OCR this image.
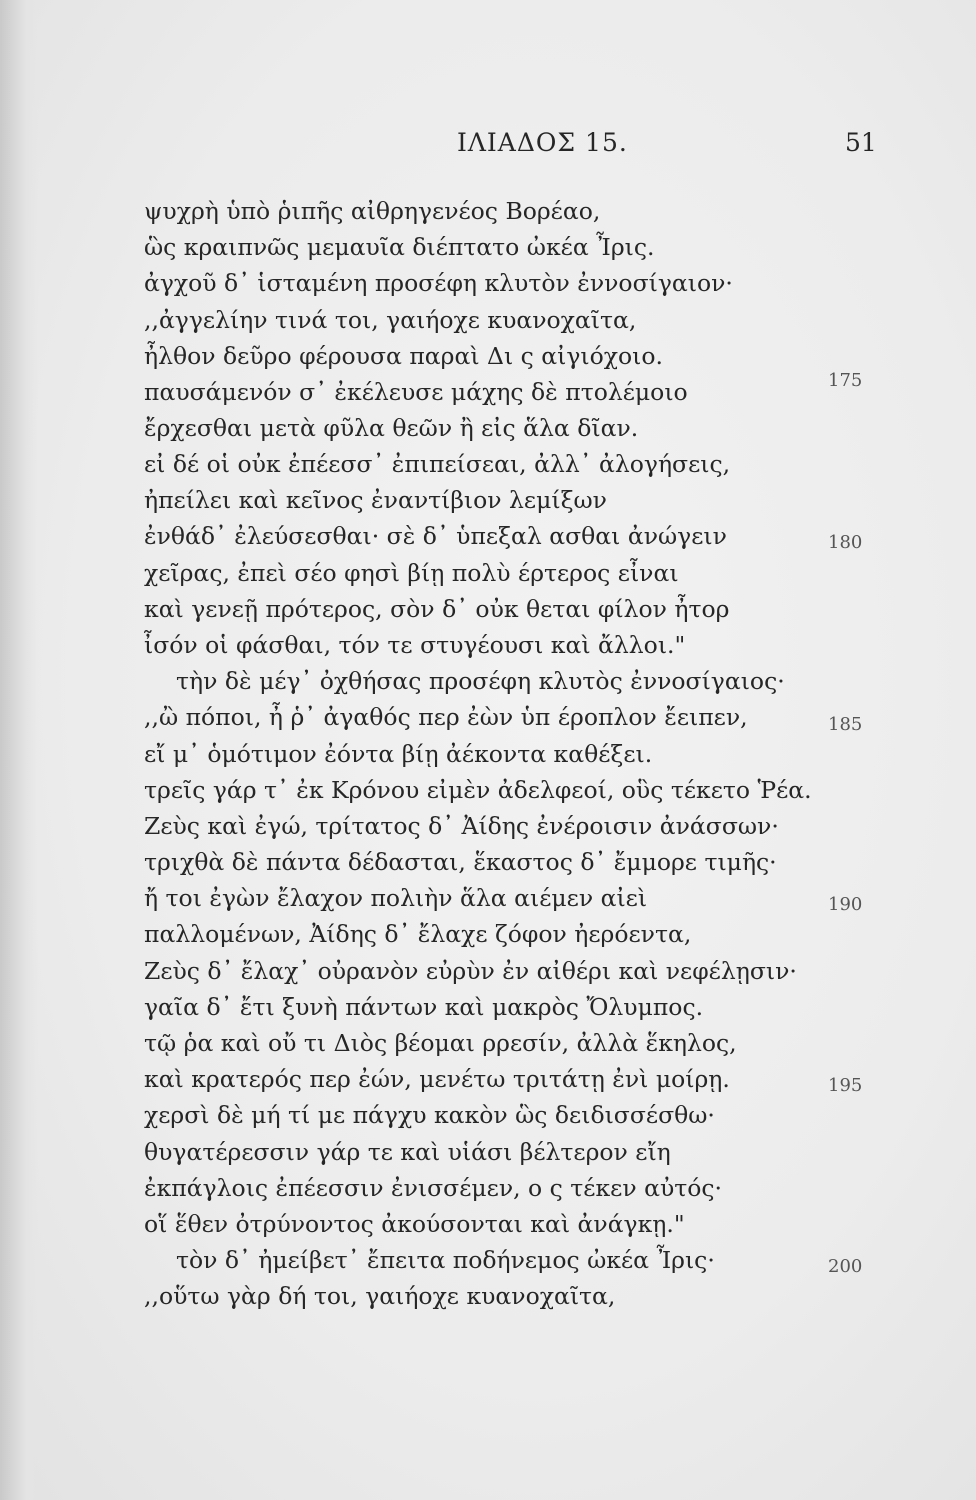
ΙΛΙΑΔΟΣ 15.	51
ψυχρὴ ὑπὸ ῥιπῆς αἰθρηγενέος Βορέαο,
ὣς κραιπνῶς μεμαυῖα διέπτατο ὠκέα Ἶρις.
ἀγχοῦ δ᾿ ἱσταμένη προσέφη κλυτὸν ἐννοσίγαιον·
,,ἀγγελίην τινά τοι, γαιήοχε κυανοχαῖτα,
ἦλθον δεῦρο φέρουσα παραὶ Δι ς αἰγιόχοιο.
παυσάμενόν σ᾿ ἐκέλευσε μάχης δὲ πτολέμοιο
ἔρχεσθαι μετὰ φῦλα θεῶν ἢ εἰς ἅλα δῖαν.
εἰ δέ οἱ οὐκ ἐπέεσσ᾿ ἐπιπείσεαι, ἀλλ᾿ ἀλογήσεις,
ἠπείλει καὶ κεῖνος ἐναντίβιον λεμίξων
ἐνθάδ᾿ ἐλεύσεσθαι· σὲ δ᾿ ὑπεξαλ ασθαι ἀνώγειν
χεῖρας, ἐπεὶ σέο φησὶ βίῃ πολὺ έρτερος εἶναι
καὶ γενεῇ πρότερος, σὸν δ᾿ οὐκ θεται φίλον ἦτορ
ἶσόν οἱ φάσθαι, τόν τε στυγέουσι καὶ ἄλλοι."
τὴν δὲ μέγ᾿ ὀχθήσας προσέφη κλυτὸς ἐννοσίγαιος·
,,ὢ πόποι, ἦ ῥ᾿ ἀγαθός περ ἐὼν ὑπ έροπλον ἔειπεν,
εἴ μ᾿ ὁμότιμον ἐόντα βίῃ ἀέκοντα καθέξει.
τρεῖς γάρ τ᾿ ἐκ Κρόνου εἰμὲν ἀδελφεοί, οὓς τέκετο Ῥέα.
Ζεὺς καὶ ἐγώ, τρίτατος δ᾿ Ἀίδης ἐνέροισιν ἀνάσσων·
τριχθὰ δὲ πάντα δέδασται, ἕκαστος δ᾿ ἔμμορε τιμῆς·
ἤ τοι ἐγὼν ἔλαχον πολιὴν ἅλα αιέμεν αἰεὶ
παλλομένων, Ἀίδης δ᾿ ἔλαχε ζόφον ἠερόεντα,
Ζεὺς δ᾿ ἔλαχ᾿ οὐρανὸν εὐρὺν ἐν αἰθέρι καὶ νεφέλῃσιν·
γαῖα δ᾿ ἔτι ξυνὴ πάντων καὶ μακρὸς Ὄλυμπος.
τῷ ῥα καὶ οὔ τι Διὸς βέομαι ρρεσίν, ἀλλὰ ἕκηλος,
καὶ κρατερός περ ἐών, μενέτω τριτάτῃ ἐνὶ μοίρῃ.
χερσὶ δὲ μή τί με πάγχυ κακὸν ὣς δειδισσέσθω·
θυγατέρεσσιν γάρ τε καὶ υἱάσι βέλτερον εἴη
ἐκπάγλοις ἐπέεσσιν ἐνισσέμεν, ο ς τέκεν αὐτός·
οἵ ἕθεν ὀτρύνοντος ἀκούσονται καὶ ἀνάγκῃ."
τὸν δ᾿ ἠμείβετ᾿ ἔπειτα ποδήνεμος ὠκέα Ἶρις·
,,οὕτω γὰρ δή τοι, γαιήοχε κυανοχαῖτα,
175
180
185
190
195
200
